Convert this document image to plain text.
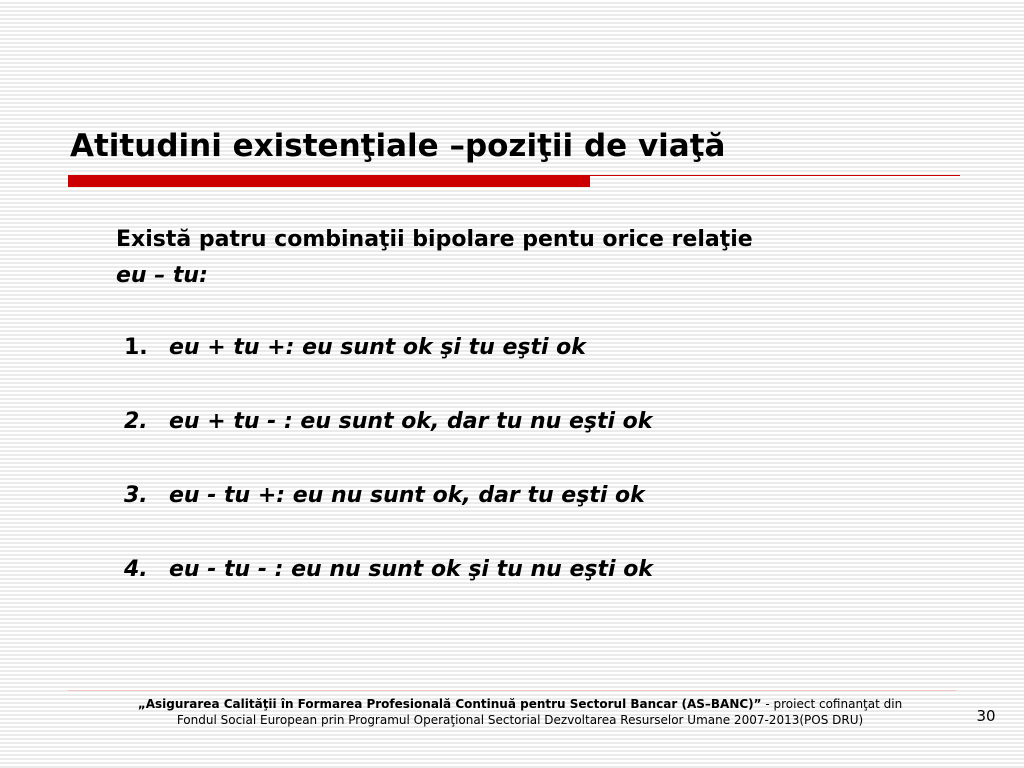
Atitudini existenţiale –poziţii de viaţă
Există patru combinaţii bipolare pentu orice relaţie
eu – tu:
1. eu + tu +: eu sunt ok şi tu eşti ok
2. eu + tu - : eu sunt ok, dar tu nu eşti ok
3. eu - tu +: eu nu sunt ok, dar tu eşti ok
4. eu - tu - : eu nu sunt ok şi tu nu eşti ok
„Asigurarea Calităţii în Formarea Profesională Continuă pentru Sectorul Bancar (AS–BANC)” - proiect cofinanţat din
Fondul Social European prin Programul Operaţional Sectorial Dezvoltarea Resurselor Umane 2007-2013(POS DRU)	30
